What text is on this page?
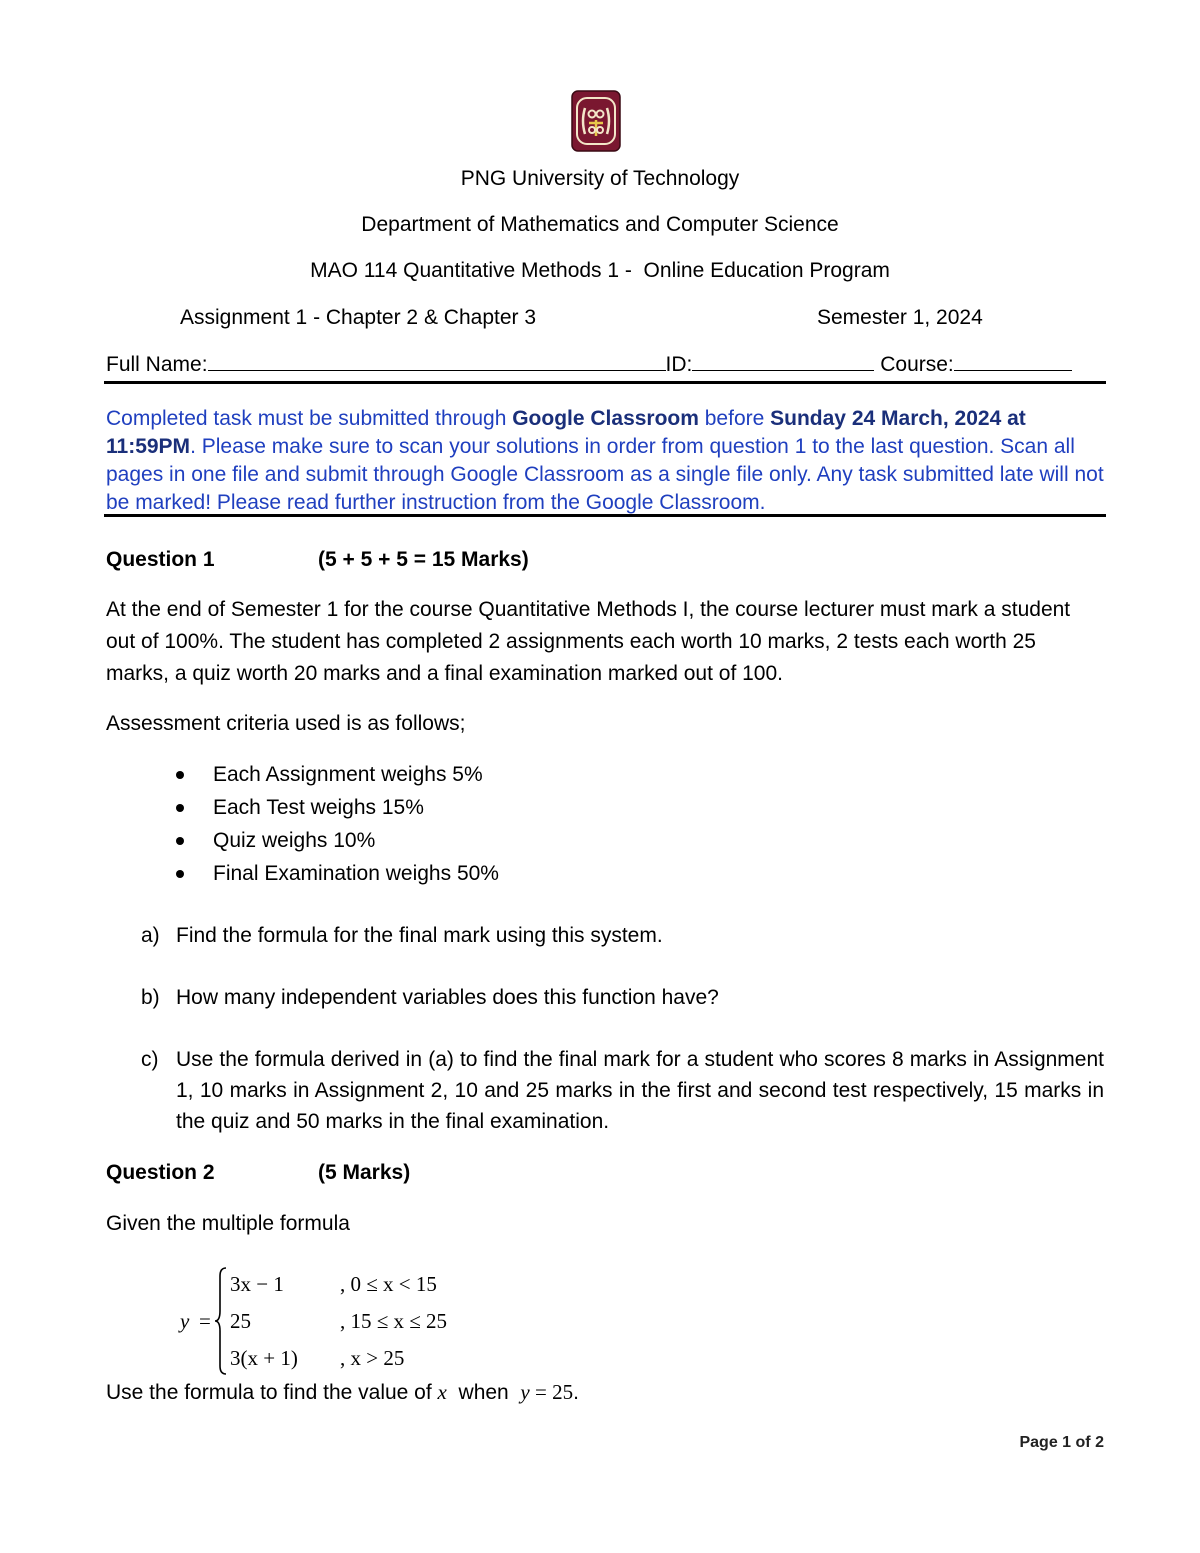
PNG University of Technology
Department of Mathematics and Computer Science
MAO 114 Quantitative Methods 1 -  Online Education Program
Assignment 1 - Chapter 2 & Chapter 3	Semester 1, 2024
Full Name:	ID:	Course:
Completed task must be submitted through Google Classroom before Sunday 24 March, 2024 at 11:59PM. Please make sure to scan your solutions in order from question 1 to the last question. Scan all pages in one file and submit through Google Classroom as a single file only. Any task submitted late will not be marked! Please read further instruction from the Google Classroom.
Question 1	(5 + 5 + 5 = 15 Marks)
At the end of Semester 1 for the course Quantitative Methods I, the course lecturer must mark a student out of 100%. The student has completed 2 assignments each worth 10 marks, 2 tests each worth 25 marks, a quiz worth 20 marks and a final examination marked out of 100.
Assessment criteria used is as follows;
Each Assignment weighs 5%
Each Test weighs 15%
Quiz weighs 10%
Final Examination weighs 50%
a) Find the formula for the final mark using this system.
b) How many independent variables does this function have?
c) Use the formula derived in (a) to find the final mark for a student who scores 8 marks in Assignment 1, 10 marks in Assignment 2, 10 and 25 marks in the first and second test respectively, 15 marks in the quiz and 50 marks in the final examination.
Question 2	(5 Marks)
Given the multiple formula
y =
3x − 1	, 0 ≤ x < 15
25	, 15 ≤ x ≤ 25
3(x + 1) , x > 25
Use the formula to find the value of x  when  y = 25.
Page 1 of 2
